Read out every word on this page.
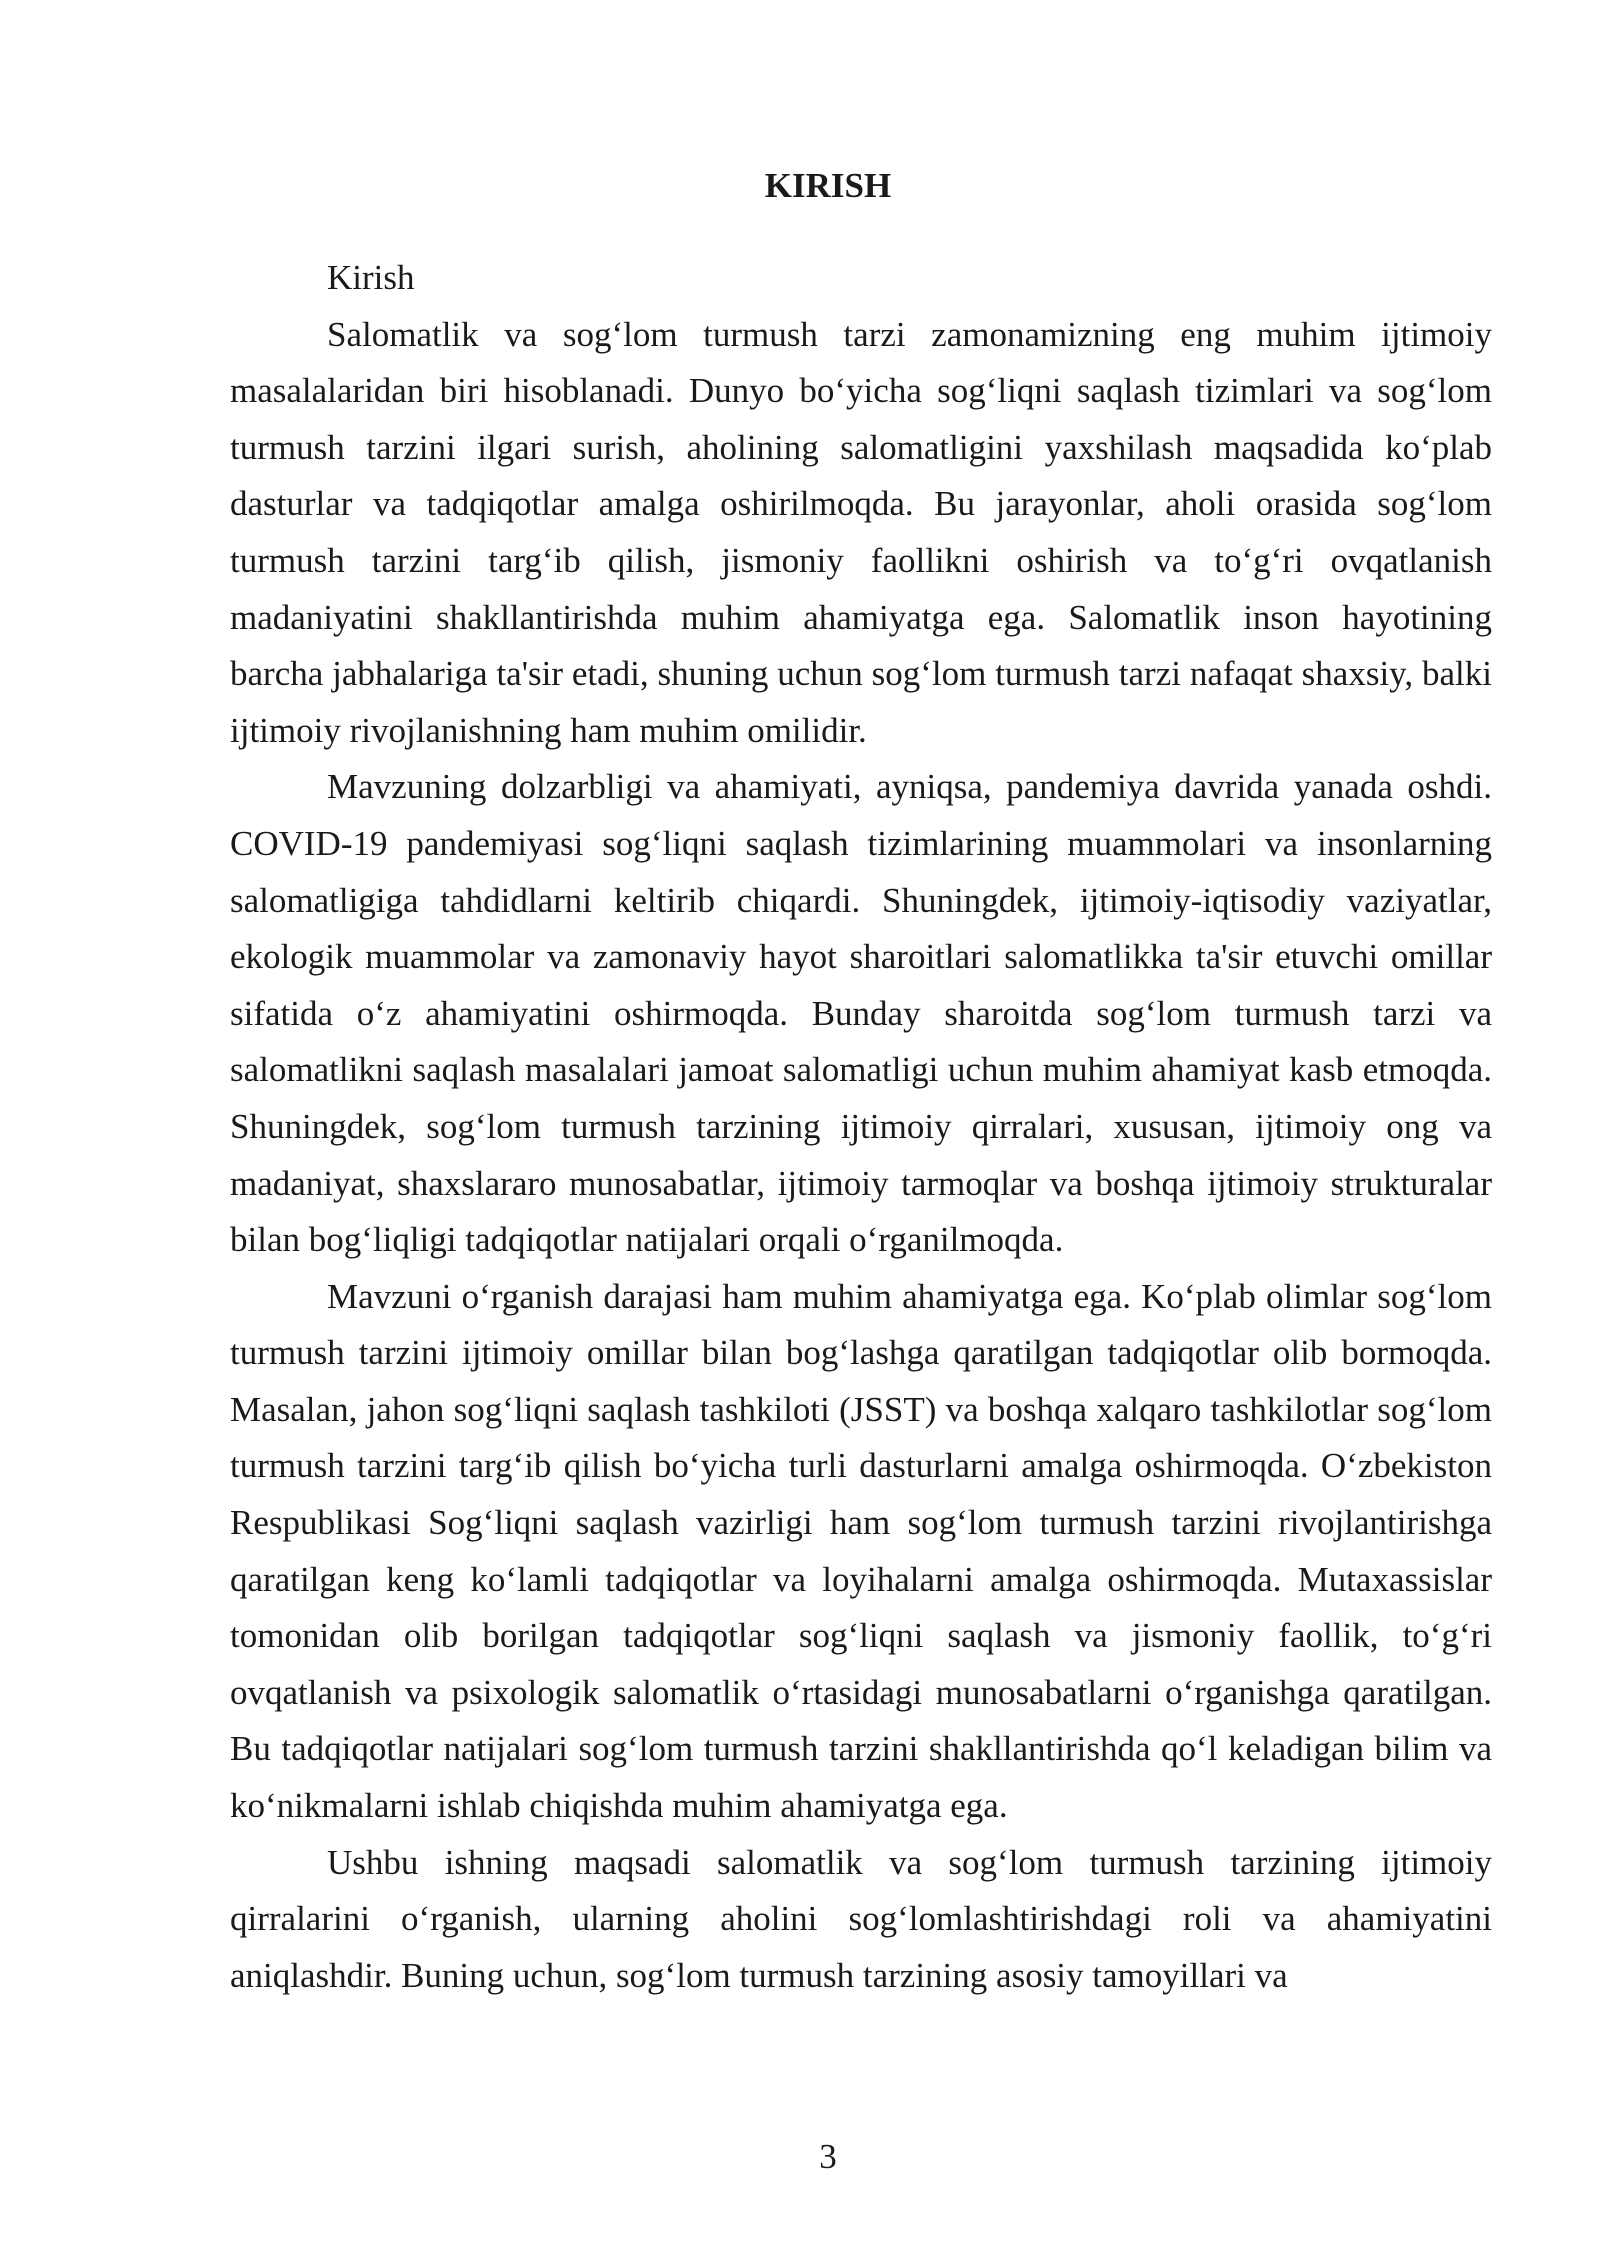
KIRISH

Kirish

Salomatlik va sog‘lom turmush tarzi zamonamizning eng muhim ijtimoiy masalalaridan biri hisoblanadi. Dunyo bo‘yicha sog‘liqni saqlash tizimlari va sog‘lom turmush tarzini ilgari surish, aholining salomatligini yaxshilash maqsadida ko‘plab dasturlar va tadqiqotlar amalga oshirilmoqda. Bu jarayonlar, aholi orasida sog‘lom turmush tarzini targ‘ib qilish, jismoniy faollikni oshirish va to‘g‘ri ovqatlanish madaniyatini shakllantirishda muhim ahamiyatga ega. Salomatlik inson hayotining barcha jabhalariga ta'sir etadi, shuning uchun sog‘lom turmush tarzi nafaqat shaxsiy, balki ijtimoiy rivojlanishning ham muhim omilidir.

Mavzuning dolzarbligi va ahamiyati, ayniqsa, pandemiya davrida yanada oshdi. COVID-19 pandemiyasi sog‘liqni saqlash tizimlarining muammolari va insonlarning salomatligiga tahdidlarni keltirib chiqardi. Shuningdek, ijtimoiy-iqtisodiy vaziyatlar, ekologik muammolar va zamonaviy hayot sharoitlari salomatlikka ta'sir etuvchi omillar sifatida o‘z ahamiyatini oshirmoqda. Bunday sharoitda sog‘lom turmush tarzi va salomatlikni saqlash masalalari jamoat salomatligi uchun muhim ahamiyat kasb etmoqda. Shuningdek, sog‘lom turmush tarzining ijtimoiy qirralari, xususan, ijtimoiy ong va madaniyat, shaxslararo munosabatlar, ijtimoiy tarmoqlar va boshqa ijtimoiy strukturalar bilan bog‘liqligi tadqiqotlar natijalari orqali o‘rganilmoqda.

Mavzuni o‘rganish darajasi ham muhim ahamiyatga ega. Ko‘plab olimlar sog‘lom turmush tarzini ijtimoiy omillar bilan bog‘lashga qaratilgan tadqiqotlar olib bormoqda. Masalan, jahon sog‘liqni saqlash tashkiloti (JSST) va boshqa xalqaro tashkilotlar sog‘lom turmush tarzini targ‘ib qilish bo‘yicha turli dasturlarni amalga oshirmoqda. O‘zbekiston Respublikasi Sog‘liqni saqlash vazirligi ham sog‘lom turmush tarzini rivojlantirishga qaratilgan keng ko‘lamli tadqiqotlar va loyihalarni amalga oshirmoqda. Mutaxassislar tomonidan olib borilgan tadqiqotlar sog‘liqni saqlash va jismoniy faollik, to‘g‘ri ovqatlanish va psixologik salomatlik o‘rtasidagi munosabatlarni o‘rganishga qaratilgan. Bu tadqiqotlar natijalari sog‘lom turmush tarzini shakllantirishda qo‘l keladigan bilim va ko‘nikmalarni ishlab chiqishda muhim ahamiyatga ega.

Ushbu ishning maqsadi salomatlik va sog‘lom turmush tarzining ijtimoiy qirralarini o‘rganish, ularning aholini sog‘lomlashtirishdagi roli va ahamiyatini aniqlashdir. Buning uchun, sog‘lom turmush tarzining asosiy tamoyillari va

3
